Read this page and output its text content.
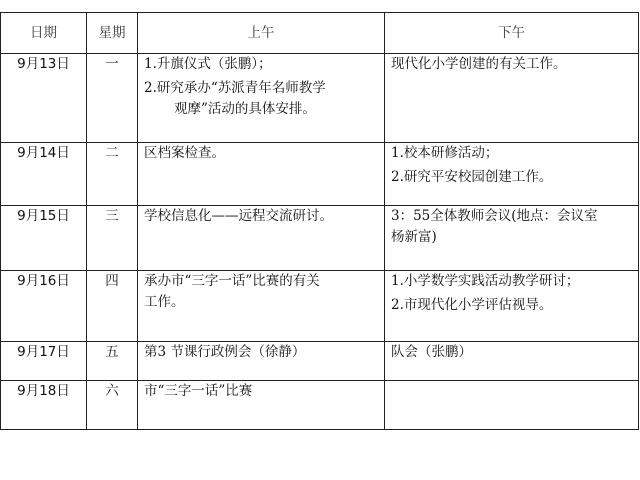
日期	星期	上午	下午
9月13日	一	1.升旗仪式（张鹏）；
2.研究承办“苏派青年名师教学
观摩”活动的具体安排。	现代化小学创建的有关工作。

9月14日	二	区档案检查。	1.校本研修活动；
2.研究平安校园创建工作。

9月15日	三	学校信息化——远程交流研讨。	3：55全体教师会议(地点：会议室
杨新富)

9月16日	四	承办市“三字一话”比赛的有关
工作。	1.小学数学实践活动教学研讨；
2.市现代化小学评估视导。

9月17日	五	第3 节课行政例会（徐静）	队会（张鹏）

9月18日	六	市“三字一话”比赛	
